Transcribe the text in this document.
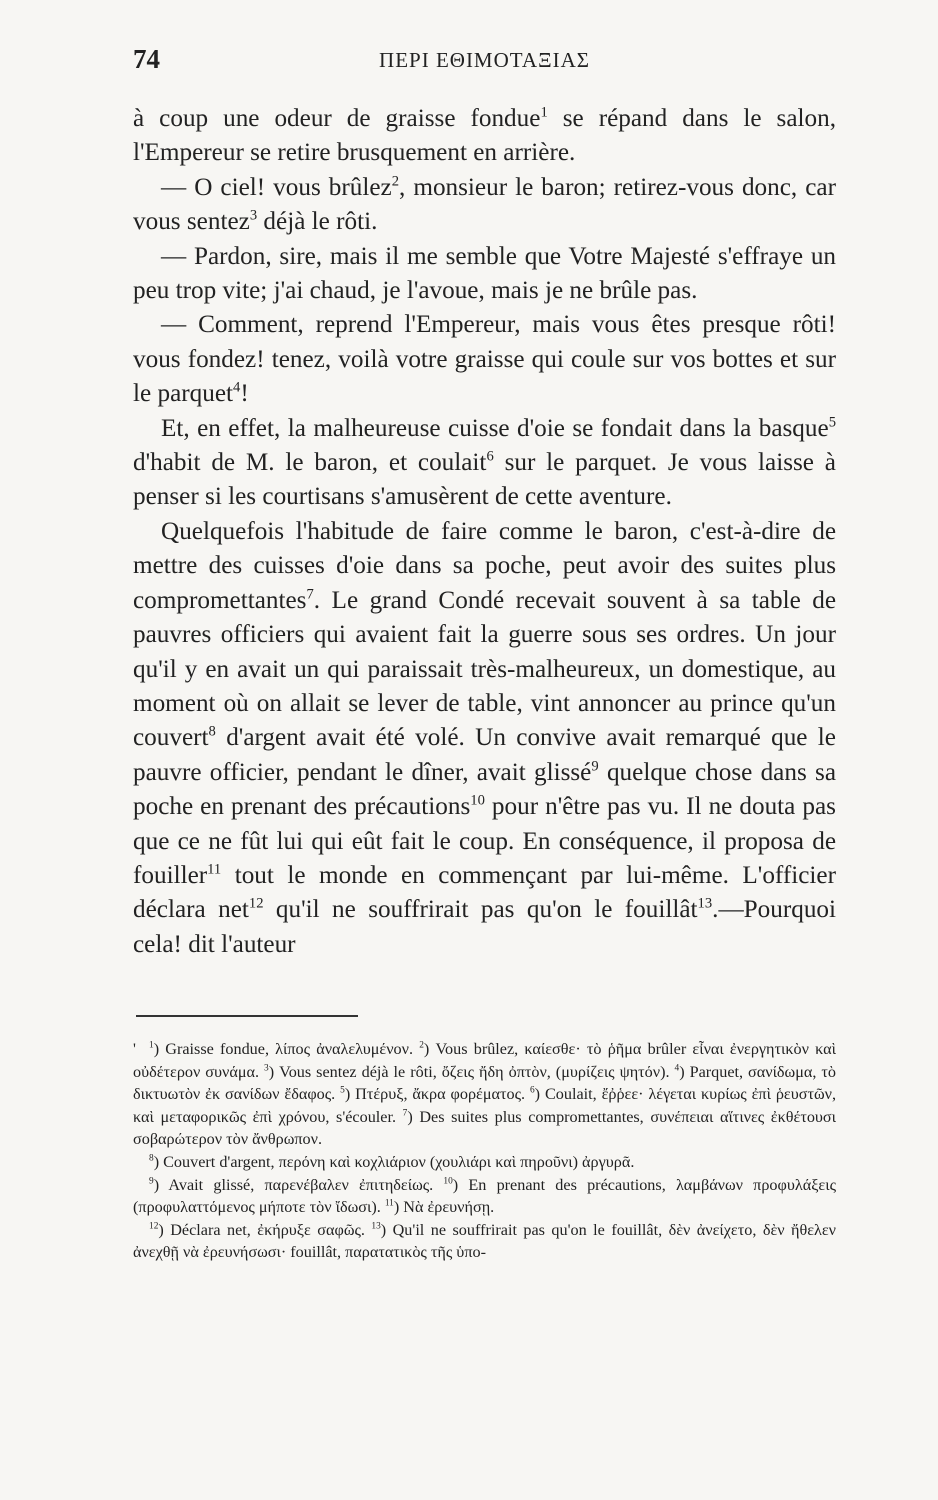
74	ΠΕΡΙ ΕΘΙΜΟΤΑΞΙΑΣ

à coup une odeur de graisse fondue$^1$ se répand dans le salon, l'Empereur se retire brusquement en arrière.

— O ciel! vous brûlez$^2$, monsieur le baron; retirez-vous donc, car vous sentez$^3$ déjà le rôti.

— Pardon, sire, mais il me semble que Votre Majesté s'effraye un peu trop vite; j'ai chaud, je l'avoue, mais je ne brûle pas.

— Comment, reprend l'Empereur, mais vous êtes presque rôti! vous fondez! tenez, voilà votre graisse qui coule sur vos bottes et sur le parquet$^4$!

Et, en effet, la malheureuse cuisse d'oie se fondait dans la basque$^5$ d'habit de M. le baron, et coulait$^6$ sur le parquet. Je vous laisse à penser si les courtisans s'amusèrent de cette aventure.

Quelquefois l'habitude de faire comme le baron, c'est-à-dire de mettre des cuisses d'oie dans sa poche, peut avoir des suites plus compromettantes$^7$. Le grand Condé recevait souvent à sa table de pauvres officiers qui avaient fait la guerre sous ses ordres. Un jour qu'il y en avait un qui paraissait très-malheureux, un domestique, au moment où on allait se lever de table, vint annoncer au prince qu'un couvert$^8$ d'argent avait été volé. Un convive avait remarqué que le pauvre officier, pendant le dîner, avait glissé$^9$ quelque chose dans sa poche en prenant des précautions$^{10}$ pour n'être pas vu. Il ne douta pas que ce ne fût lui qui eût fait le coup. En conséquence, il proposa de fouiller$^{11}$ tout le monde en commençant par lui-même. L'officier déclara net$^{12}$ qu'il ne souffrirait pas qu'on le fouillât$^{13}$.—Pourquoi cela! dit l'auteur

' $^1$) Graisse fondue, λίπος ἀναλελυμένον. $^2$) Vous brûlez, καίεσθε· τὸ ῥῆμα brûler εἶναι ἐνεργητικὸν καὶ οὐδέτερον συνάμα. $^3$) Vous sentez déjà le rôti, ὄζεις ἤδη ὀπτὸν, (μυρίζεις ψητόν). $^4$) Parquet, σανίδωμα, τὸ δικτυωτὸν ἐκ σανίδων ἔδαφος. $^5$) Πτέρυξ, ἄκρα φορέματος. $^6$) Coulait, ἔῤῥεε· λέγεται κυρίως ἐπὶ ῥευστῶν, καὶ μεταφορικῶς ἐπὶ χρόνου, s'écouler. $^7$) Des suites plus compromettantes, συνέπειαι αἵτινες ἐκθέτουσι σοβαρώτερον τὸν ἄνθρωπον.

$^8$) Couvert d'argent, περόνη καὶ κοχλιάριον (χουλιάρι καὶ πηροῦνι) ἀργυρᾶ.

$^9$) Avait glissé, παρενέβαλεν ἐπιτηδείως. $^{10}$) En prenant des précautions, λαμβάνων προφυλάξεις (προφυλαττόμενος μήποτε τὸν ἴδωσι). $^{11}$) Νὰ ἐρευνήσῃ.

$^{12}$) Déclara net, ἐκήρυξε σαφῶς. $^{13}$) Qu'il ne souffrirait pas qu'on le fouillât, δὲν ἀνείχετο, δὲν ἤθελεν ἀνεχθῇ νὰ ἐρευνήσωσι· fouillât, παρατατικὸς τῆς ὑπο-
